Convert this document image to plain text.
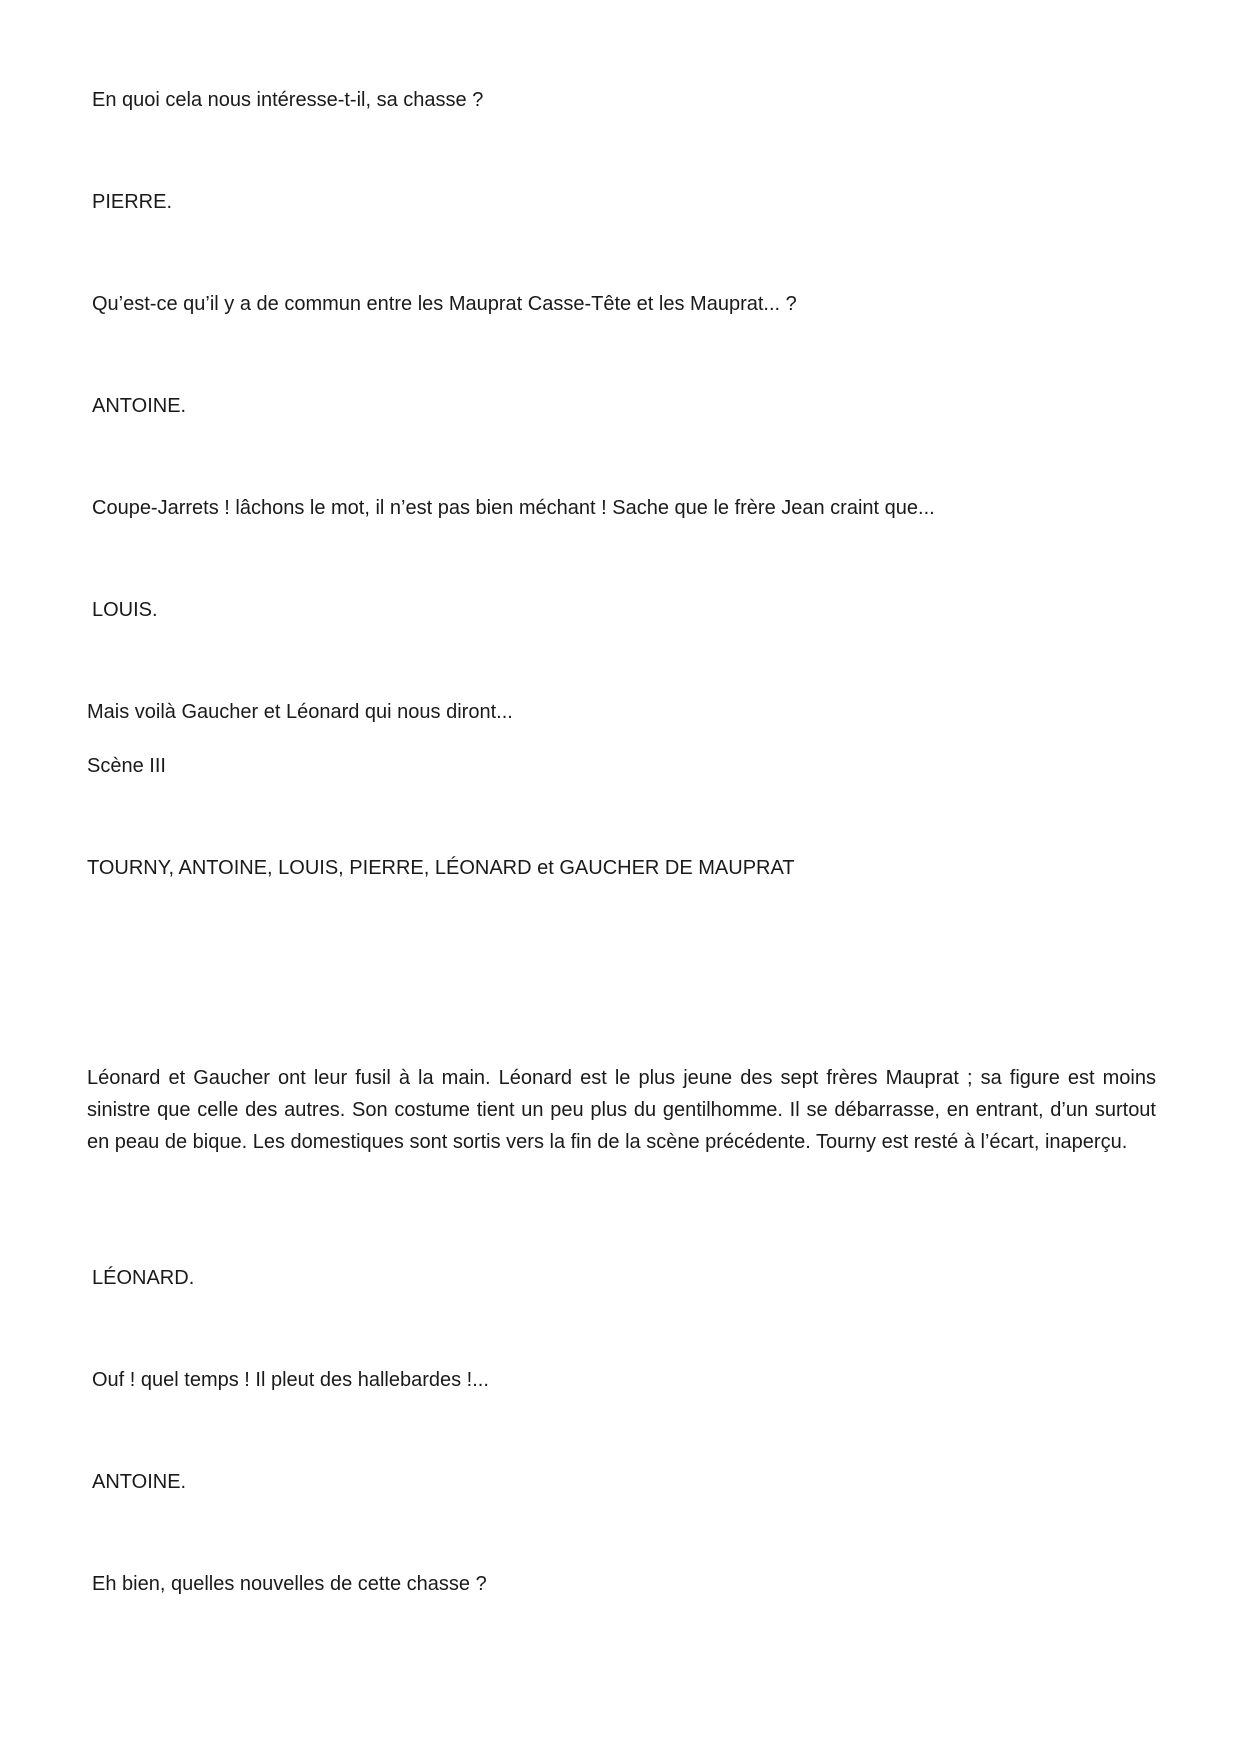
En quoi cela nous intéresse-t-il, sa chasse ?

PIERRE.

Qu’est-ce qu’il y a de commun entre les Mauprat Casse-Tête et les Mauprat... ?

ANTOINE.

Coupe-Jarrets ! lâchons le mot, il n’est pas bien méchant ! Sache que le frère Jean craint que...

LOUIS.

Mais voilà Gaucher et Léonard qui nous diront...

Scène III

TOURNY, ANTOINE, LOUIS, PIERRE, LÉONARD et GAUCHER DE MAUPRAT

Léonard et Gaucher ont leur fusil à la main. Léonard est le plus jeune des sept frères Mauprat ; sa figure est moins sinistre que celle des autres. Son costume tient un peu plus du gentilhomme. Il se débarrasse, en entrant, d’un surtout en peau de bique. Les domestiques sont sortis vers la fin de la scène précédente. Tourny est resté à l’écart, inaperçu.

LÉONARD.

Ouf ! quel temps ! Il pleut des hallebardes !...

ANTOINE.

Eh bien, quelles nouvelles de cette chasse ?
